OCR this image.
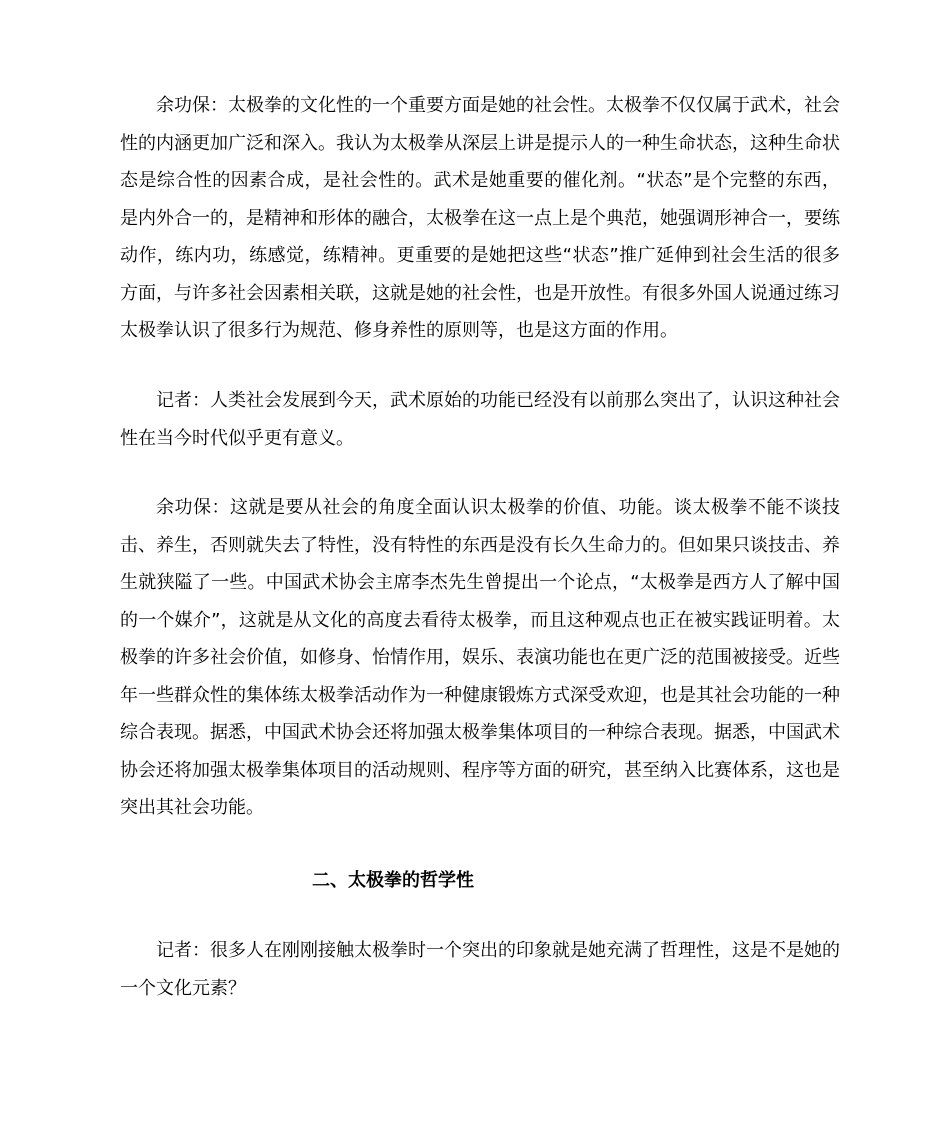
余功保：太极拳的文化性的一个重要方面是她的社会性。太极拳不仅仅属于武术，社会性的内涵更加广泛和深入。我认为太极拳从深层上讲是提示人的一种生命状态，这种生命状态是综合性的因素合成，是社会性的。武术是她重要的催化剂。“状态”是个完整的东西，是内外合一的，是精神和形体的融合，太极拳在这一点上是个典范，她强调形神合一，要练动作，练内功，练感觉，练精神。更重要的是她把这些“状态”推广延伸到社会生活的很多方面，与许多社会因素相关联，这就是她的社会性，也是开放性。有很多外国人说通过练习太极拳认识了很多行为规范、修身养性的原则等，也是这方面的作用。

记者：人类社会发展到今天，武术原始的功能已经没有以前那么突出了，认识这种社会性在当今时代似乎更有意义。

余功保：这就是要从社会的角度全面认识太极拳的价值、功能。谈太极拳不能不谈技击、养生，否则就失去了特性，没有特性的东西是没有长久生命力的。但如果只谈技击、养生就狭隘了一些。中国武术协会主席李杰先生曾提出一个论点，“太极拳是西方人了解中国的一个媒介”，这就是从文化的高度去看待太极拳，而且这种观点也正在被实践证明着。太极拳的许多社会价值，如修身、怡情作用，娱乐、表演功能也在更广泛的范围被接受。近些年一些群众性的集体练太极拳活动作为一种健康锻炼方式深受欢迎，也是其社会功能的一种综合表现。据悉，中国武术协会还将加强太极拳集体项目的一种综合表现。据悉，中国武术协会还将加强太极拳集体项目的活动规则、程序等方面的研究，甚至纳入比赛体系，这也是突出其社会功能。

二、太极拳的哲学性

记者：很多人在刚刚接触太极拳时一个突出的印象就是她充满了哲理性，这是不是她的一个文化元素？
